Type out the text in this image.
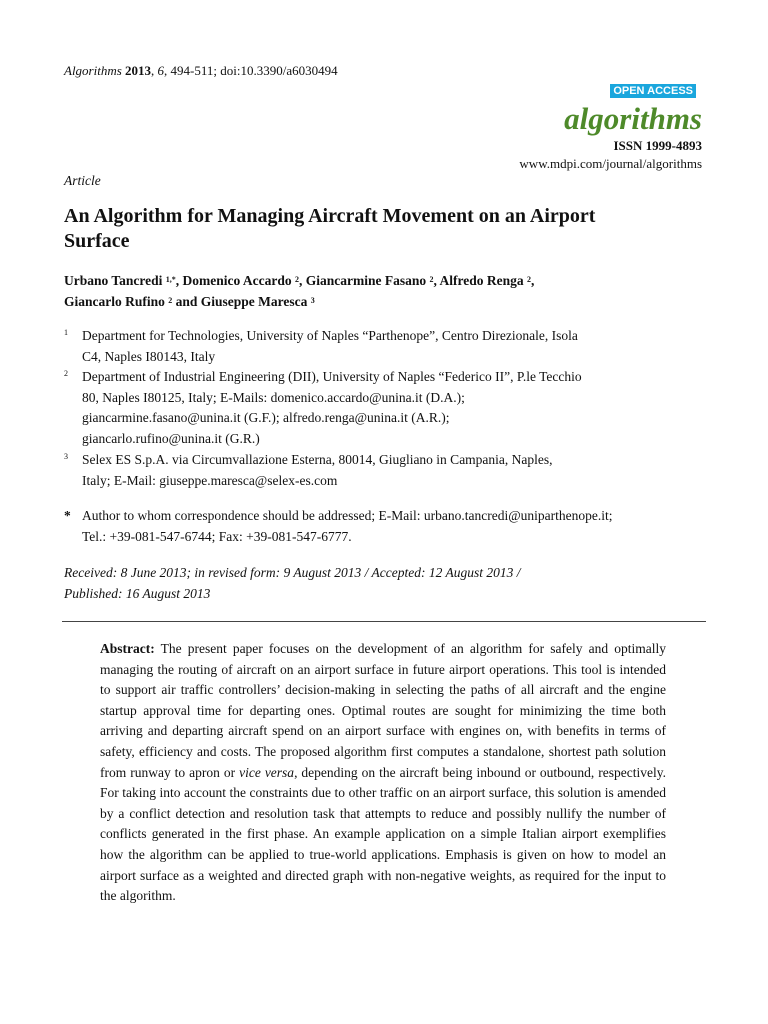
Algorithms 2013, 6, 494-511; doi:10.3390/a6030494
OPEN ACCESS
algorithms
ISSN 1999-4893
www.mdpi.com/journal/algorithms
Article
An Algorithm for Managing Aircraft Movement on an Airport Surface
Urbano Tancredi $^{1,*}$, Domenico Accardo $^2$, Giancarmine Fasano $^2$, Alfredo Renga $^2$,
Giancarlo Rufino $^2$ and Giuseppe Maresca $^3$
1 Department for Technologies, University of Naples “Parthenope”, Centro Direzionale, Isola
C4, Naples I80143, Italy
2 Department of Industrial Engineering (DII), University of Naples “Federico II”, P.le Tecchio
80, Naples I80125, Italy; E-Mails: domenico.accardo@unina.it (D.A.);
giancarmine.fasano@unina.it (G.F.); alfredo.renga@unina.it (A.R.);
giancarlo.rufino@unina.it (G.R.)
3 Selex ES S.p.A. via Circumvallazione Esterna, 80014, Giugliano in Campania, Naples,
Italy; E-Mail: giuseppe.maresca@selex-es.com
* Author to whom correspondence should be addressed; E-Mail: urbano.tancredi@uniparthenope.it;
Tel.: +39-081-547-6744; Fax: +39-081-547-6777.
Received: 8 June 2013; in revised form: 9 August 2013 / Accepted: 12 August 2013 /
Published: 16 August 2013
Abstract: The present paper focuses on the development of an algorithm for safely and optimally managing the routing of aircraft on an airport surface in future airport operations. This tool is intended to support air traffic controllers’ decision-making in selecting the paths of all aircraft and the engine startup approval time for departing ones. Optimal routes are sought for minimizing the time both arriving and departing aircraft spend on an airport surface with engines on, with benefits in terms of safety, efficiency and costs. The proposed algorithm first computes a standalone, shortest path solution from runway to apron or vice versa, depending on the aircraft being inbound or outbound, respectively. For taking into account the constraints due to other traffic on an airport surface, this solution is amended by a conflict detection and resolution task that attempts to reduce and possibly nullify the number of conflicts generated in the first phase. An example application on a simple Italian airport exemplifies how the algorithm can be applied to true-world applications. Emphasis is given on how to model an airport surface as a weighted and directed graph with non-negative weights, as required for the input to the algorithm.
